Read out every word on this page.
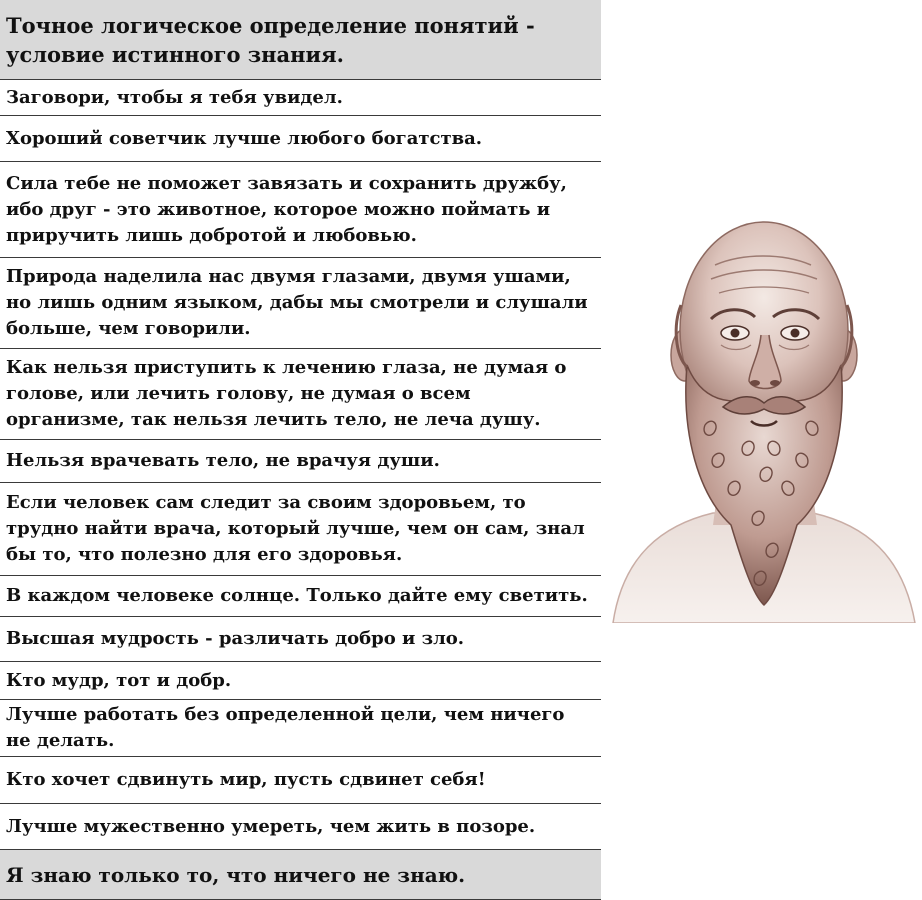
Точное логическое определение понятий - условие истинного знания.
Заговори, чтобы я тебя увидел.
Хороший советчик лучше любого богатства.
Сила тебе не поможет завязать и сохранить дружбу, ибо друг - это животное, которое можно поймать и приручить лишь добротой и любовью.
Природа наделила нас двумя глазами, двумя ушами, но лишь одним языком, дабы мы смотрели и слушали больше, чем говорили.
Как нельзя приступить к лечению глаза, не думая о голове, или лечить голову, не думая о всем организме, так нельзя лечить тело, не леча душу.
Нельзя врачевать тело, не врачуя души.
Если человек сам следит за своим здоровьем, то трудно найти врача, который лучше, чем он сам, знал бы то, что полезно для его здоровья.
В каждом человеке солнце. Только дайте ему светить.
Высшая мудрость - различать добро и зло.
Кто мудр, тот и добр.
Лучше работать без определенной цели, чем ничего не делать.
Кто хочет сдвинуть мир, пусть сдвинет себя!
Лучше мужественно умереть, чем жить в позоре.
Я знаю только то, что ничего не знаю.
